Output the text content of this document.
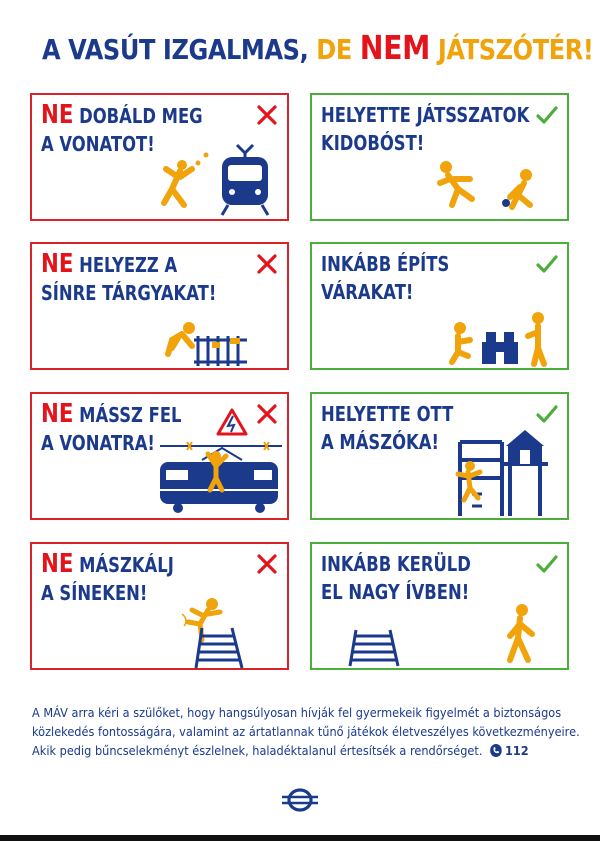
A VASÚT IZGALMAS, DE NEM JÁTSZÓTÉR!
NE DOBÁLD MEG
A VONATOT!
HELYETTE JÁTSSZATOK
KIDOBÓST!
NE HELYEZZ A
SÍNRE TÁRGYAKAT!
INKÁBB ÉPÍTS
VÁRAKAT!
NE MÁSSZ FEL
A VONATRA!
HELYETTE OTT
A MÁSZÓKA!
NE MÁSZKÁLJ
A SÍNEKEN!
INKÁBB KERÜLD
EL NAGY ÍVBEN!
A MÁV arra kéri a szülőket, hogy hangsúlyosan hívják fel gyermekeik figyelmét a biztonságos
közlekedés fontosságára, valamint az ártatlannak tűnő játékok életveszélyes következményeire.
Akik pedig bűncselekményt észlelnek, haladéktalanul értesítsék a rendőrséget. 112
